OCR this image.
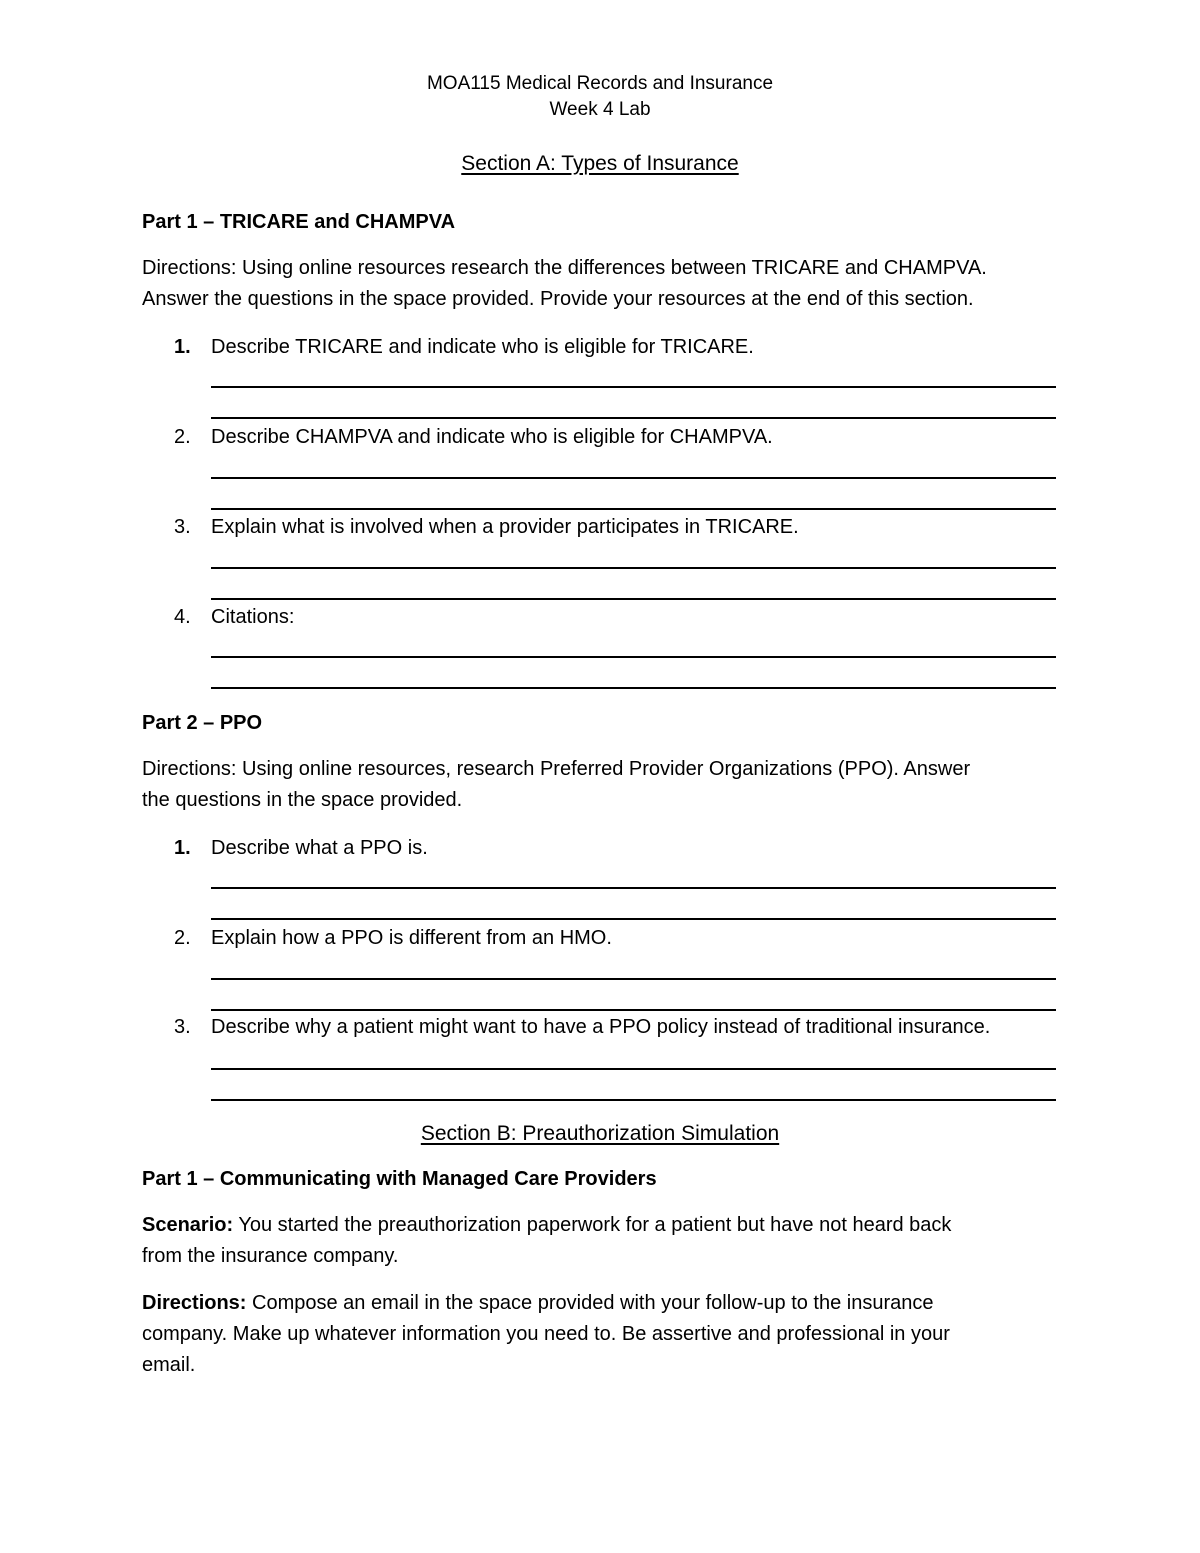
MOA115 Medical Records and Insurance
Week 4 Lab
Section A: Types of Insurance
Part 1 – TRICARE and CHAMPVA
Directions: Using online resources research the differences between TRICARE and CHAMPVA.
Answer the questions in the space provided. Provide your resources at the end of this section.
1.	Describe TRICARE and indicate who is eligible for TRICARE.
2.	Describe CHAMPVA and indicate who is eligible for CHAMPVA.
3.	Explain what is involved when a provider participates in TRICARE.
4.	Citations:
Part 2 – PPO
Directions: Using online resources, research Preferred Provider Organizations (PPO). Answer
the questions in the space provided.
1.	Describe what a PPO is.
2.	Explain how a PPO is different from an HMO.
3.	Describe why a patient might want to have a PPO policy instead of traditional insurance.
Section B: Preauthorization Simulation
Part 1 – Communicating with Managed Care Providers
Scenario: You started the preauthorization paperwork for a patient but have not heard back
from the insurance company.
Directions: Compose an email in the space provided with your follow-up to the insurance
company. Make up whatever information you need to. Be assertive and professional in your
email.
